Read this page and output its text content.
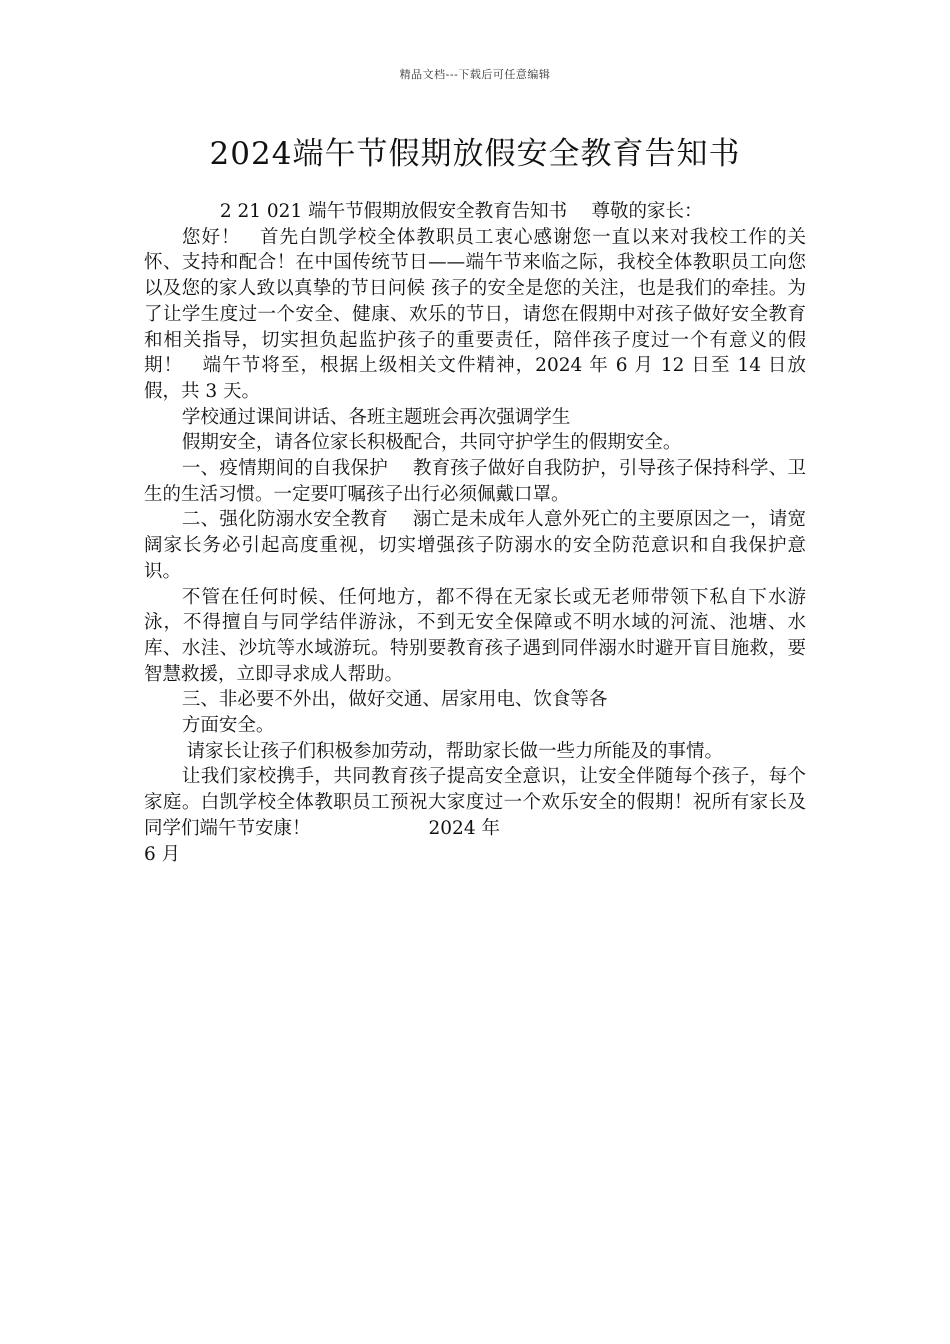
精品文档---下载后可任意编辑
2024端午节假期放假安全教育告知书

2 21 021 端午节假期放假安全教育告知书　 尊敬的家长：

您好！　首先白凯学校全体教职员工衷心感谢您一直以来对我校工作的关怀、支持和配合！在中国传统节日——端午节来临之际，我校全体教职员工向您以及您的家人致以真挚的节日问候 孩子的安全是您的关注，也是我们的牵挂。为了让学生度过一个安全、健康、欢乐的节日，请您在假期中对孩子做好安全教育和相关指导，切实担负起监护孩子的重要责任，陪伴孩子度过一个有意义的假期！　端午节将至，根据上级相关文件精神，2024 年 6 月 12 日至 14 日放假，共 3 天。

学校通过课间讲话、各班主题班会再次强调学生

假期安全，请各位家长积极配合，共同守护学生的假期安全。

一、疫情期间的自我保护　 教育孩子做好自我防护，引导孩子保持科学、卫生的生活习惯。一定要叮嘱孩子出行必须佩戴口罩。

二、强化防溺水安全教育　 溺亡是未成年人意外死亡的主要原因之一，请宽阔家长务必引起高度重视，切实增强孩子防溺水的安全防范意识和自我保护意识。

不管在任何时候、任何地方，都不得在无家长或无老师带领下私自下水游泳，不得擅自与同学结伴游泳，不到无安全保障或不明水域的河流、池塘、水库、水洼、沙坑等水域游玩。特别要教育孩子遇到同伴溺水时避开盲目施救，要智慧救援，立即寻求成人帮助。

三、非必要不外出，做好交通、居家用电、饮食等各

方面安全。

请家长让孩子们积极参加劳动，帮助家长做一些力所能及的事情。

让我们家校携手，共同教育孩子提高安全意识，让安全伴随每个孩子，每个家庭。白凯学校全体教职员工预祝大家度过一个欢乐安全的假期！祝所有家长及同学们端午节安康！	2024 年

6 月
